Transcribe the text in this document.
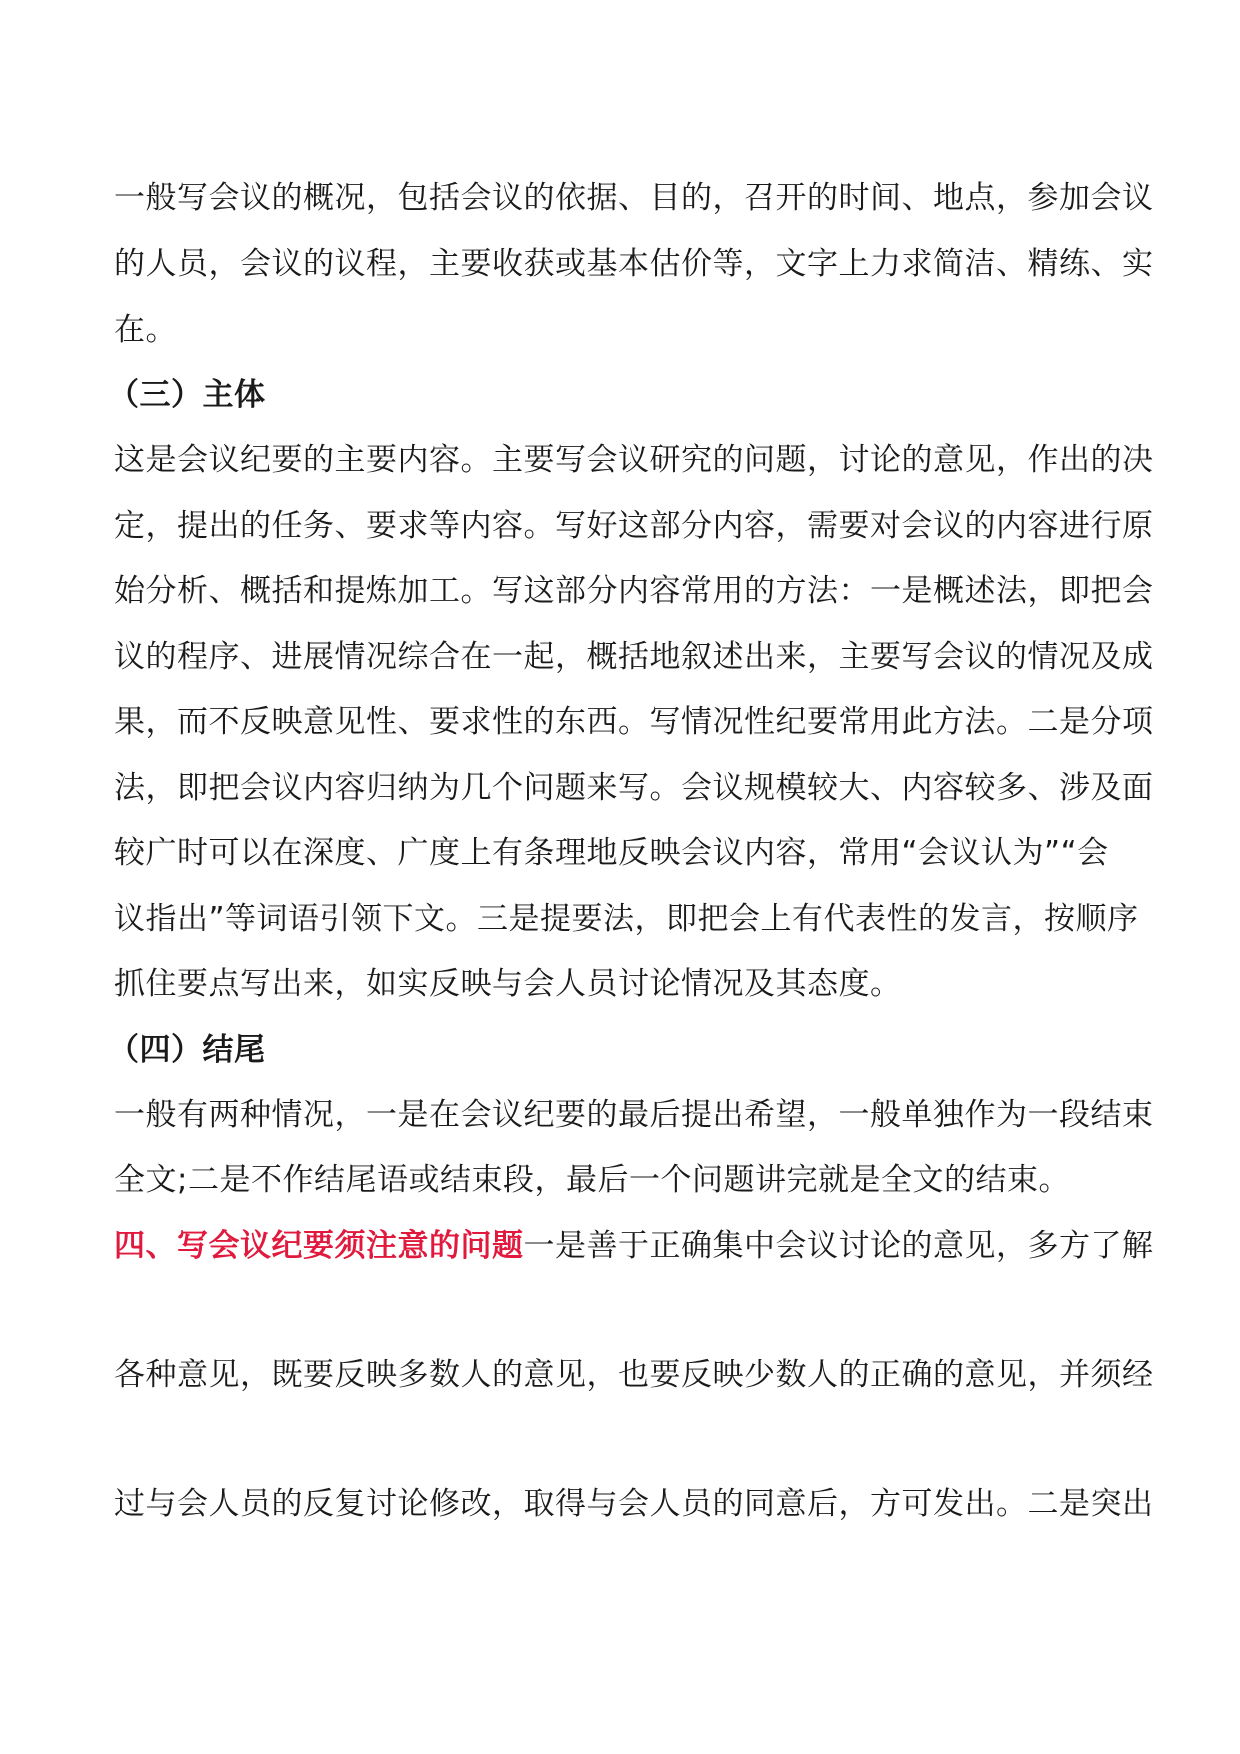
一般写会议的概况，包括会议的依据、目的，召开的时间、地点，参加会议
的人员，会议的议程，主要收获或基本估价等，文字上力求简洁、精练、实
在。
（三）主体
这是会议纪要的主要内容。主要写会议研究的问题，讨论的意见，作出的决
定，提出的任务、要求等内容。写好这部分内容，需要对会议的内容进行原
始分析、概括和提炼加工。写这部分内容常用的方法：一是概述法，即把会
议的程序、进展情况综合在一起，概括地叙述出来，主要写会议的情况及成
果，而不反映意见性、要求性的东西。写情况性纪要常用此方法。二是分项
法，即把会议内容归纳为几个问题来写。会议规模较大、内容较多、涉及面
较广时可以在深度、广度上有条理地反映会议内容，常用“会议认为”“会
议指出”等词语引领下文。三是提要法，即把会上有代表性的发言，按顺序
抓住要点写出来，如实反映与会人员讨论情况及其态度。
（四）结尾
一般有两种情况，一是在会议纪要的最后提出希望，一般单独作为一段结束
全文;二是不作结尾语或结束段，最后一个问题讲完就是全文的结束。
四、写会议纪要须注意的问题一是善于正确集中会议讨论的意见，多方了解
各种意见，既要反映多数人的意见，也要反映少数人的正确的意见，并须经
过与会人员的反复讨论修改，取得与会人员的同意后，方可发出。二是突出
